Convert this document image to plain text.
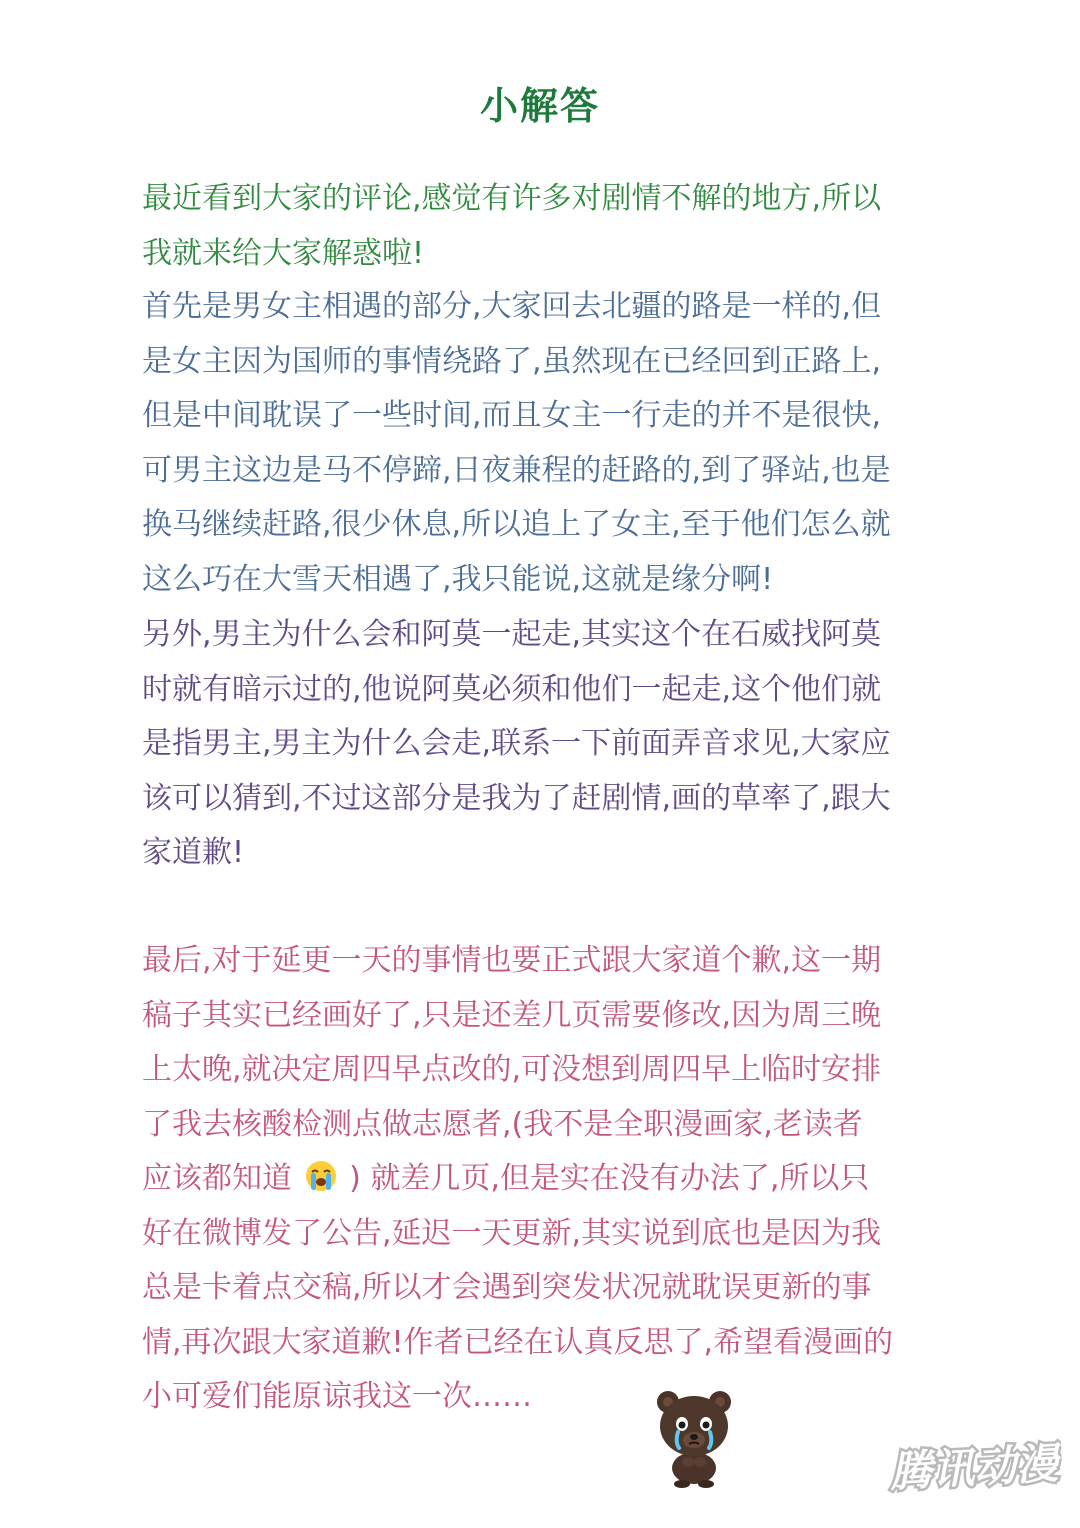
小解答
最近看到大家的评论,感觉有许多对剧情不解的地方,所以
我就来给大家解惑啦!
首先是男女主相遇的部分,大家回去北疆的路是一样的,但
是女主因为国师的事情绕路了,虽然现在已经回到正路上,
但是中间耽误了一些时间,而且女主一行走的并不是很快,
可男主这边是马不停蹄,日夜兼程的赶路的,到了驿站,也是
换马继续赶路,很少休息,所以追上了女主,至于他们怎么就
这么巧在大雪天相遇了,我只能说,这就是缘分啊!
另外,男主为什么会和阿莫一起走,其实这个在石威找阿莫
时就有暗示过的,他说阿莫必须和他们一起走,这个他们就
是指男主,男主为什么会走,联系一下前面弄音求见,大家应
该可以猜到,不过这部分是我为了赶剧情,画的草率了,跟大
家道歉!
最后,对于延更一天的事情也要正式跟大家道个歉,这一期
稿子其实已经画好了,只是还差几页需要修改,因为周三晚
上太晚,就决定周四早点改的,可没想到周四早上临时安排
了我去核酸检测点做志愿者,(我不是全职漫画家,老读者
应该都知道  ) 就差几页,但是实在没有办法了,所以只
好在微博发了公告,延迟一天更新,其实说到底也是因为我
总是卡着点交稿,所以才会遇到突发状况就耽误更新的事
情,再次跟大家道歉!作者已经在认真反思了,希望看漫画的
小可爱们能原谅我这一次……
腾讯动漫
